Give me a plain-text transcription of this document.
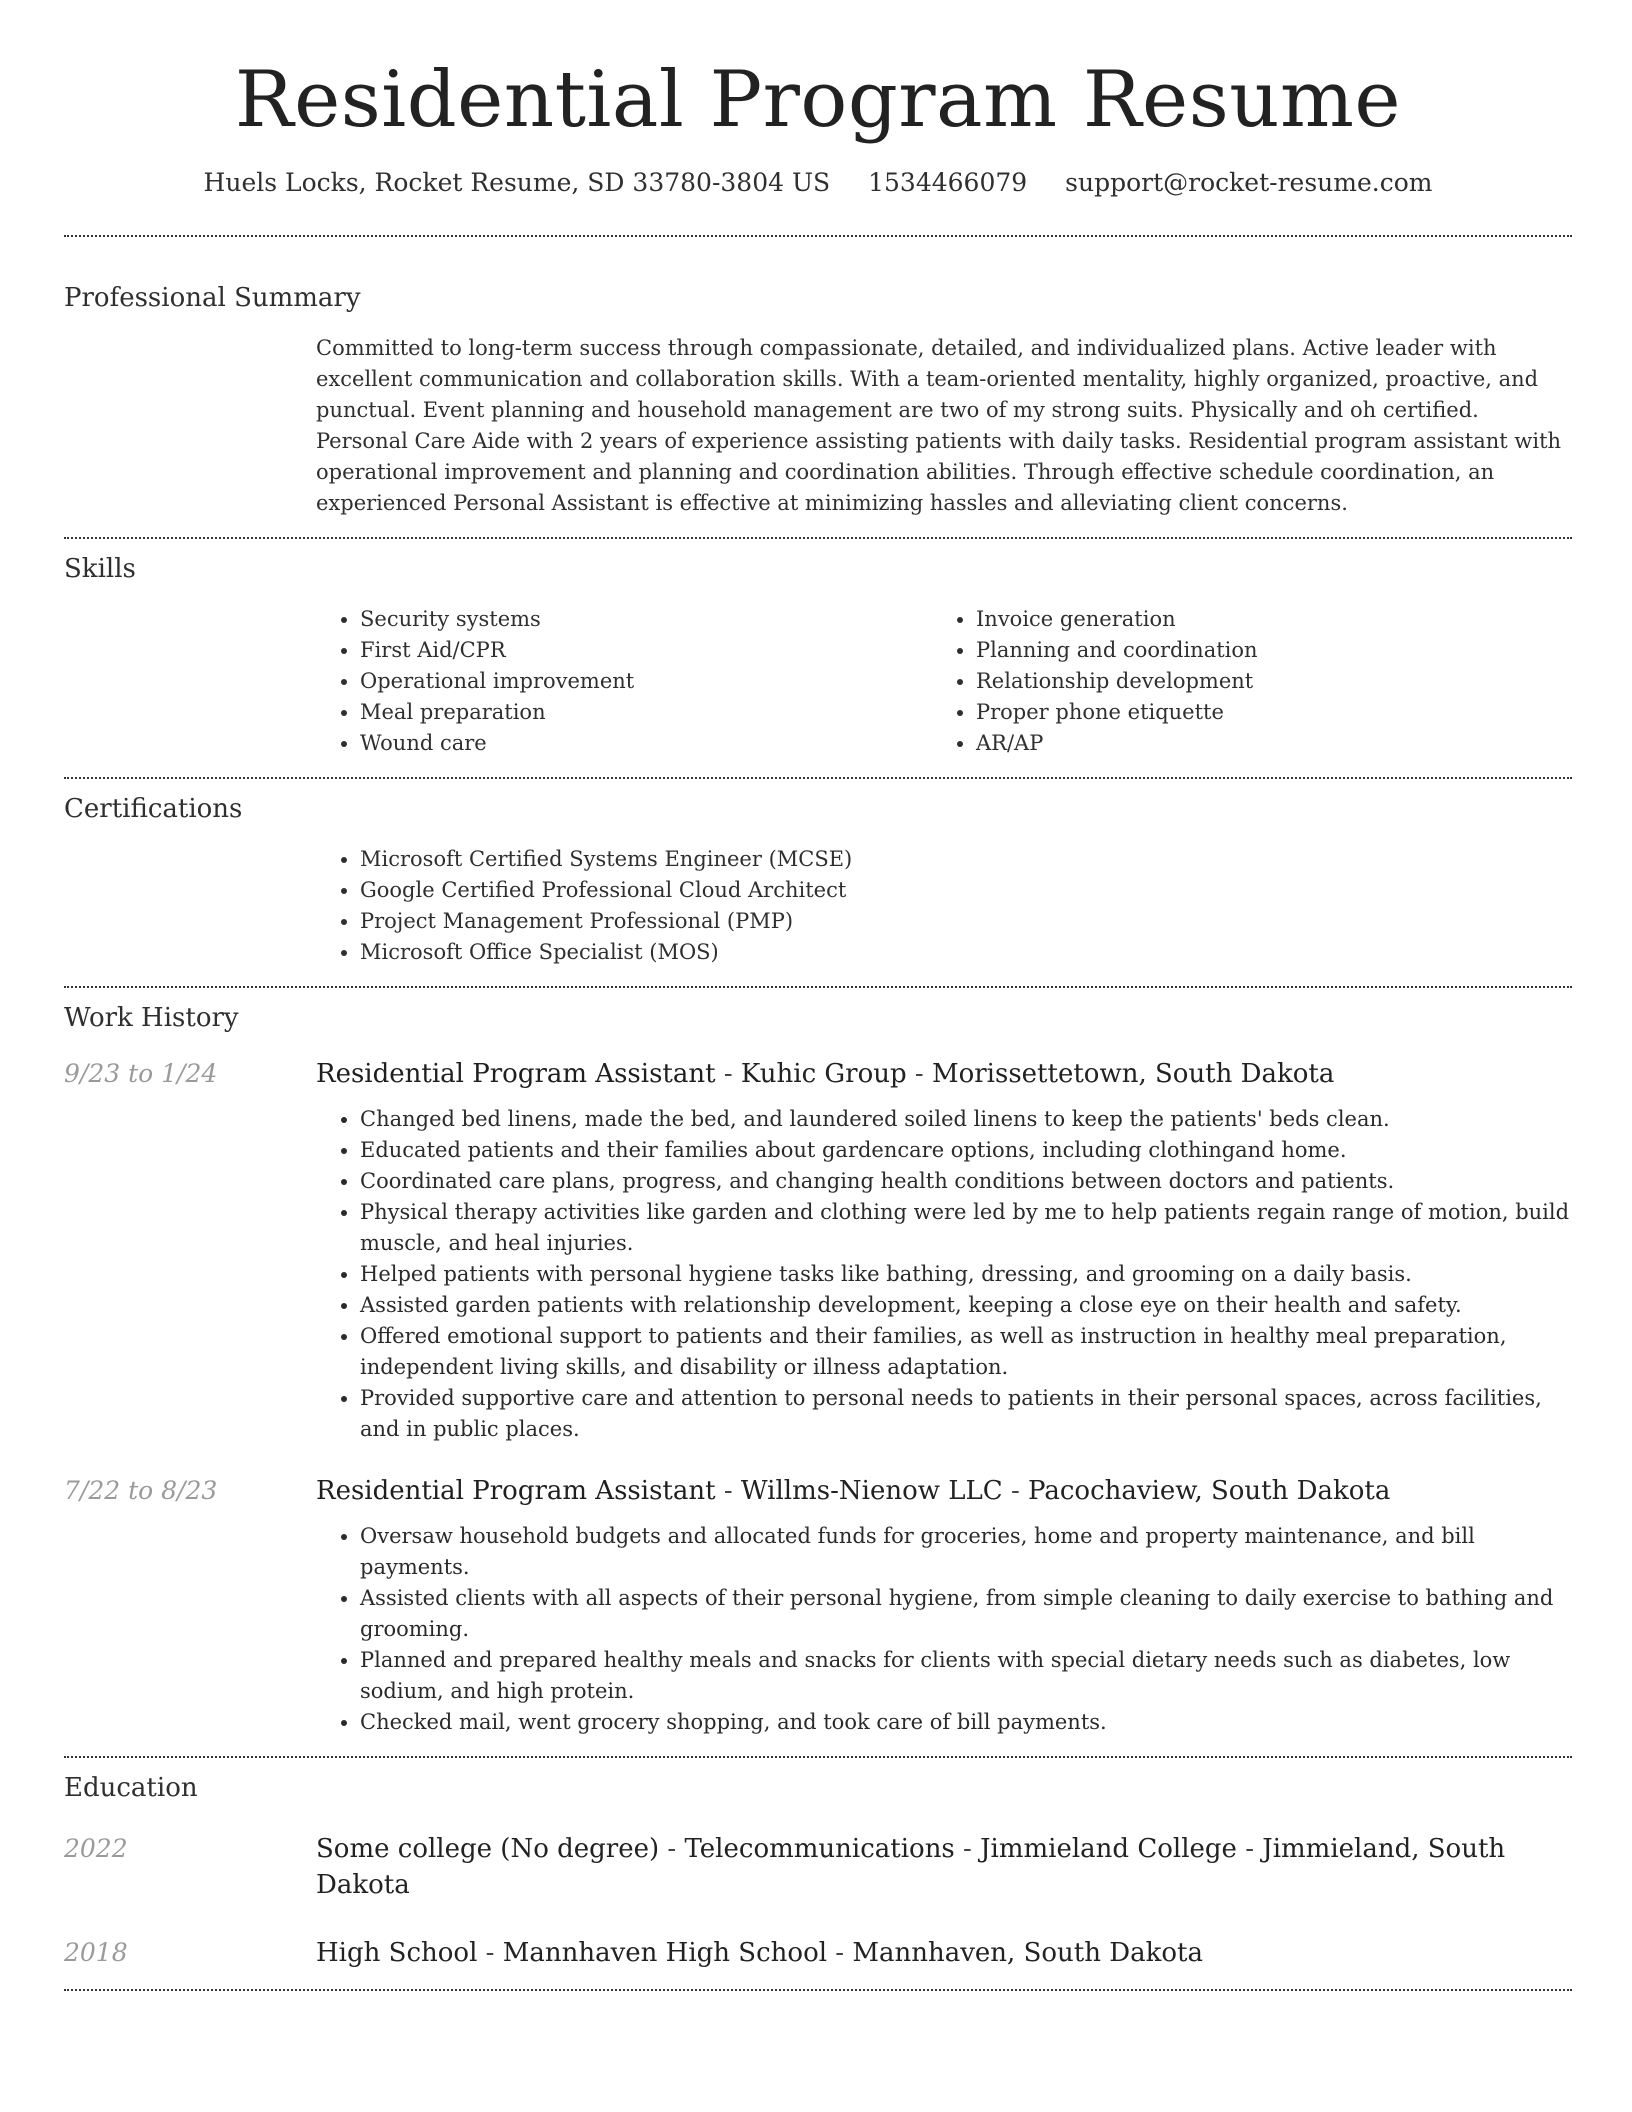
Residential Program Resume
Huels Locks, Rocket Resume, SD 33780-3804 US 1534466079 support@rocket-resume.com
Professional Summary

Committed to long-term success through compassionate, detailed, and individualized plans. Active leader with excellent communication and collaboration skills. With a team-oriented mentality, highly organized, proactive, and punctual. Event planning and household management are two of my strong suits. Physically and oh certified. Personal Care Aide with 2 years of experience assisting patients with daily tasks. Residential program assistant with operational improvement and planning and coordination abilities. Through effective schedule coordination, an experienced Personal Assistant is effective at minimizing hassles and alleviating client concerns.

Skills
• Security systems
• First Aid/CPR
• Operational improvement
• Meal preparation
• Wound care
• Invoice generation
• Planning and coordination
• Relationship development
• Proper phone etiquette
• AR/AP
Certifications
• Microsoft Certified Systems Engineer (MCSE)
• Google Certified Professional Cloud Architect
• Project Management Professional (PMP)
• Microsoft Office Specialist (MOS)
Work History
9/23 to 1/24	Residential Program Assistant - Kuhic Group - Morissettetown, South Dakota
• Changed bed linens, made the bed, and laundered soiled linens to keep the patients' beds clean.
• Educated patients and their families about gardencare options, including clothingand home.
• Coordinated care plans, progress, and changing health conditions between doctors and patients.
• Physical therapy activities like garden and clothing were led by me to help patients regain range of motion, build muscle, and heal injuries.
• Helped patients with personal hygiene tasks like bathing, dressing, and grooming on a daily basis.
• Assisted garden patients with relationship development, keeping a close eye on their health and safety.
• Offered emotional support to patients and their families, as well as instruction in healthy meal preparation, independent living skills, and disability or illness adaptation.
• Provided supportive care and attention to personal needs to patients in their personal spaces, across facilities, and in public places.
7/22 to 8/23	Residential Program Assistant - Willms-Nienow LLC - Pacochaview, South Dakota
• Oversaw household budgets and allocated funds for groceries, home and property maintenance, and bill payments.
• Assisted clients with all aspects of their personal hygiene, from simple cleaning to daily exercise to bathing and grooming.
• Planned and prepared healthy meals and snacks for clients with special dietary needs such as diabetes, low sodium, and high protein.
• Checked mail, went grocery shopping, and took care of bill payments.
Education
2022	Some college (No degree) - Telecommunications - Jimmieland College - Jimmieland, South Dakota
2018	High School - Mannhaven High School - Mannhaven, South Dakota
